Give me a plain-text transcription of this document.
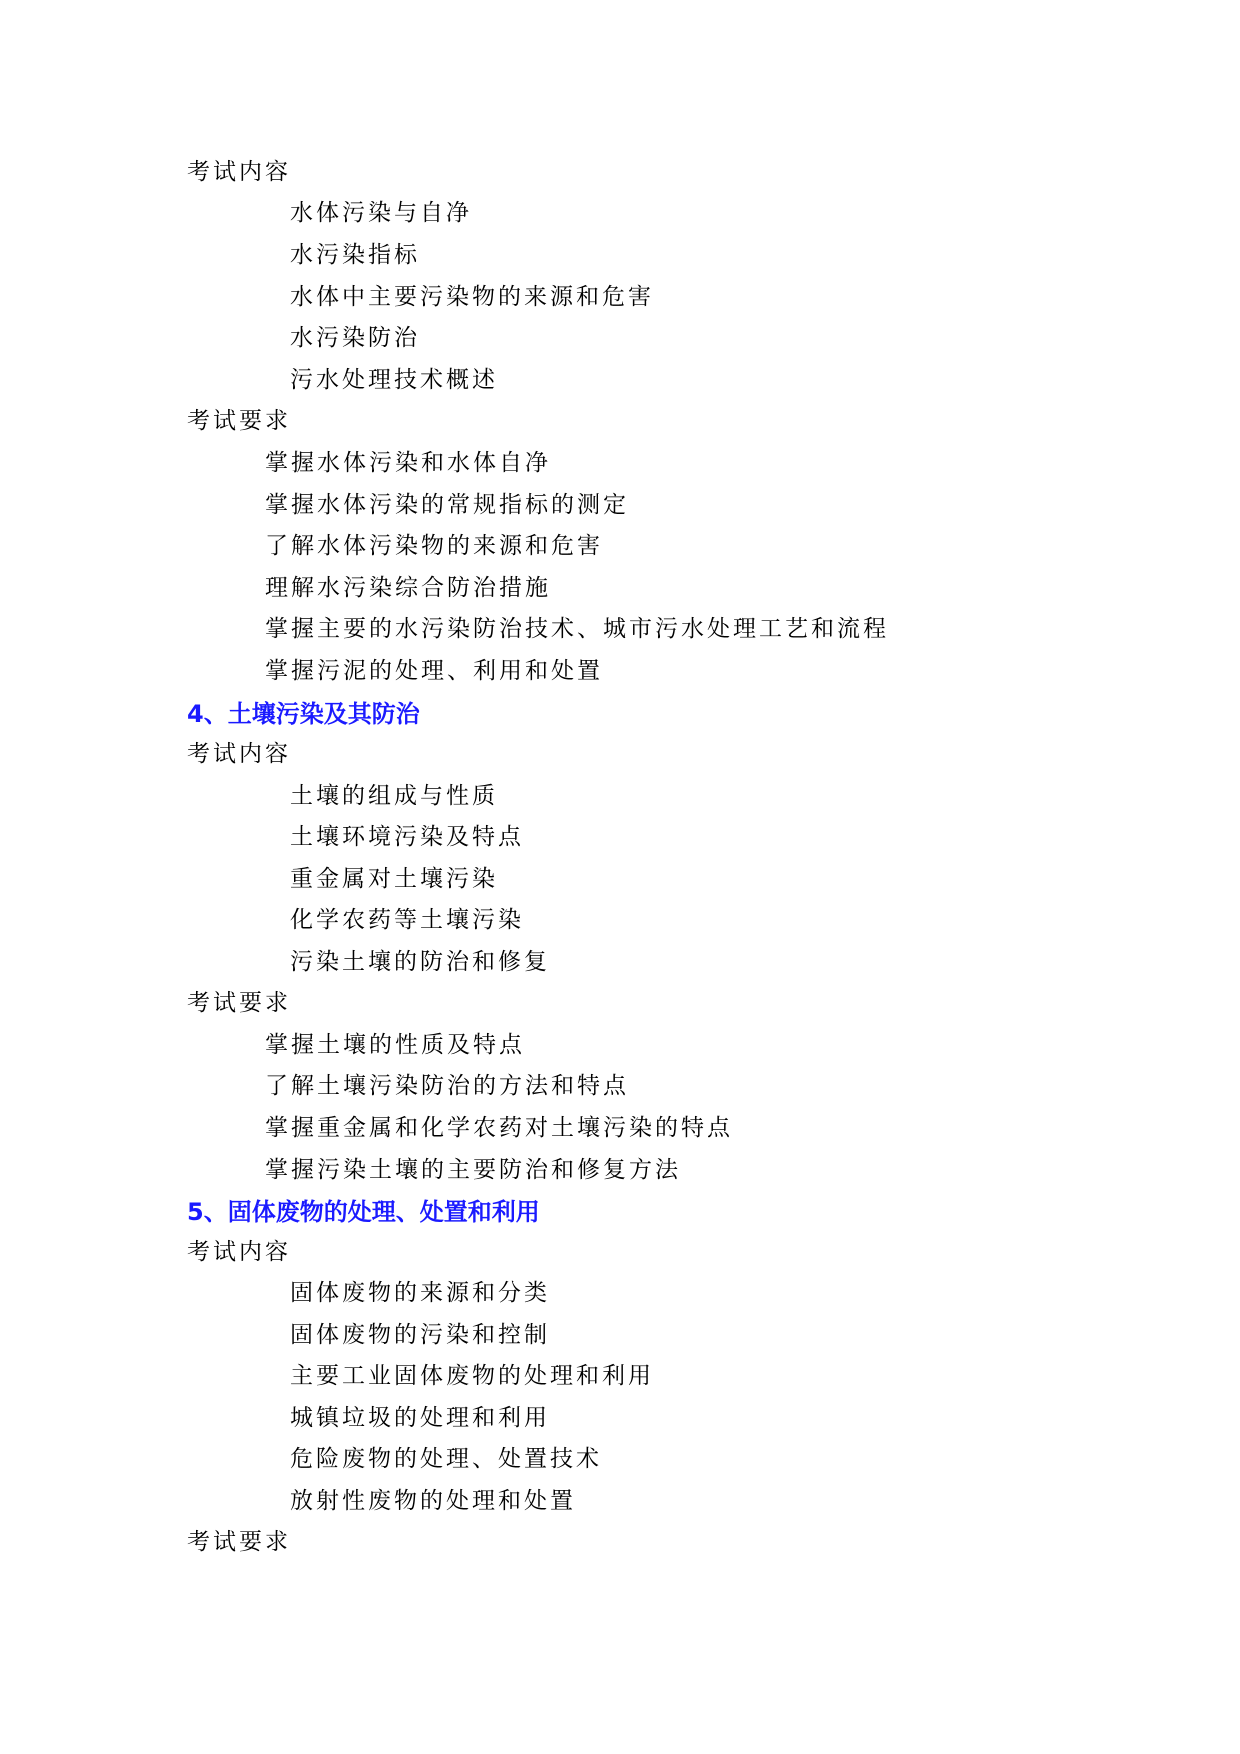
考试内容
水体污染与自净
水污染指标
水体中主要污染物的来源和危害
水污染防治
污水处理技术概述
考试要求
掌握水体污染和水体自净
掌握水体污染的常规指标的测定
了解水体污染物的来源和危害
理解水污染综合防治措施
掌握主要的水污染防治技术、城市污水处理工艺和流程
掌握污泥的处理、利用和处置
4、土壤污染及其防治
考试内容
土壤的组成与性质
土壤环境污染及特点
重金属对土壤污染
化学农药等土壤污染
污染土壤的防治和修复
考试要求
掌握土壤的性质及特点
了解土壤污染防治的方法和特点
掌握重金属和化学农药对土壤污染的特点
掌握污染土壤的主要防治和修复方法
5、固体废物的处理、处置和利用
考试内容
固体废物的来源和分类
固体废物的污染和控制
主要工业固体废物的处理和利用
城镇垃圾的处理和利用
危险废物的处理、处置技术
放射性废物的处理和处置
考试要求
